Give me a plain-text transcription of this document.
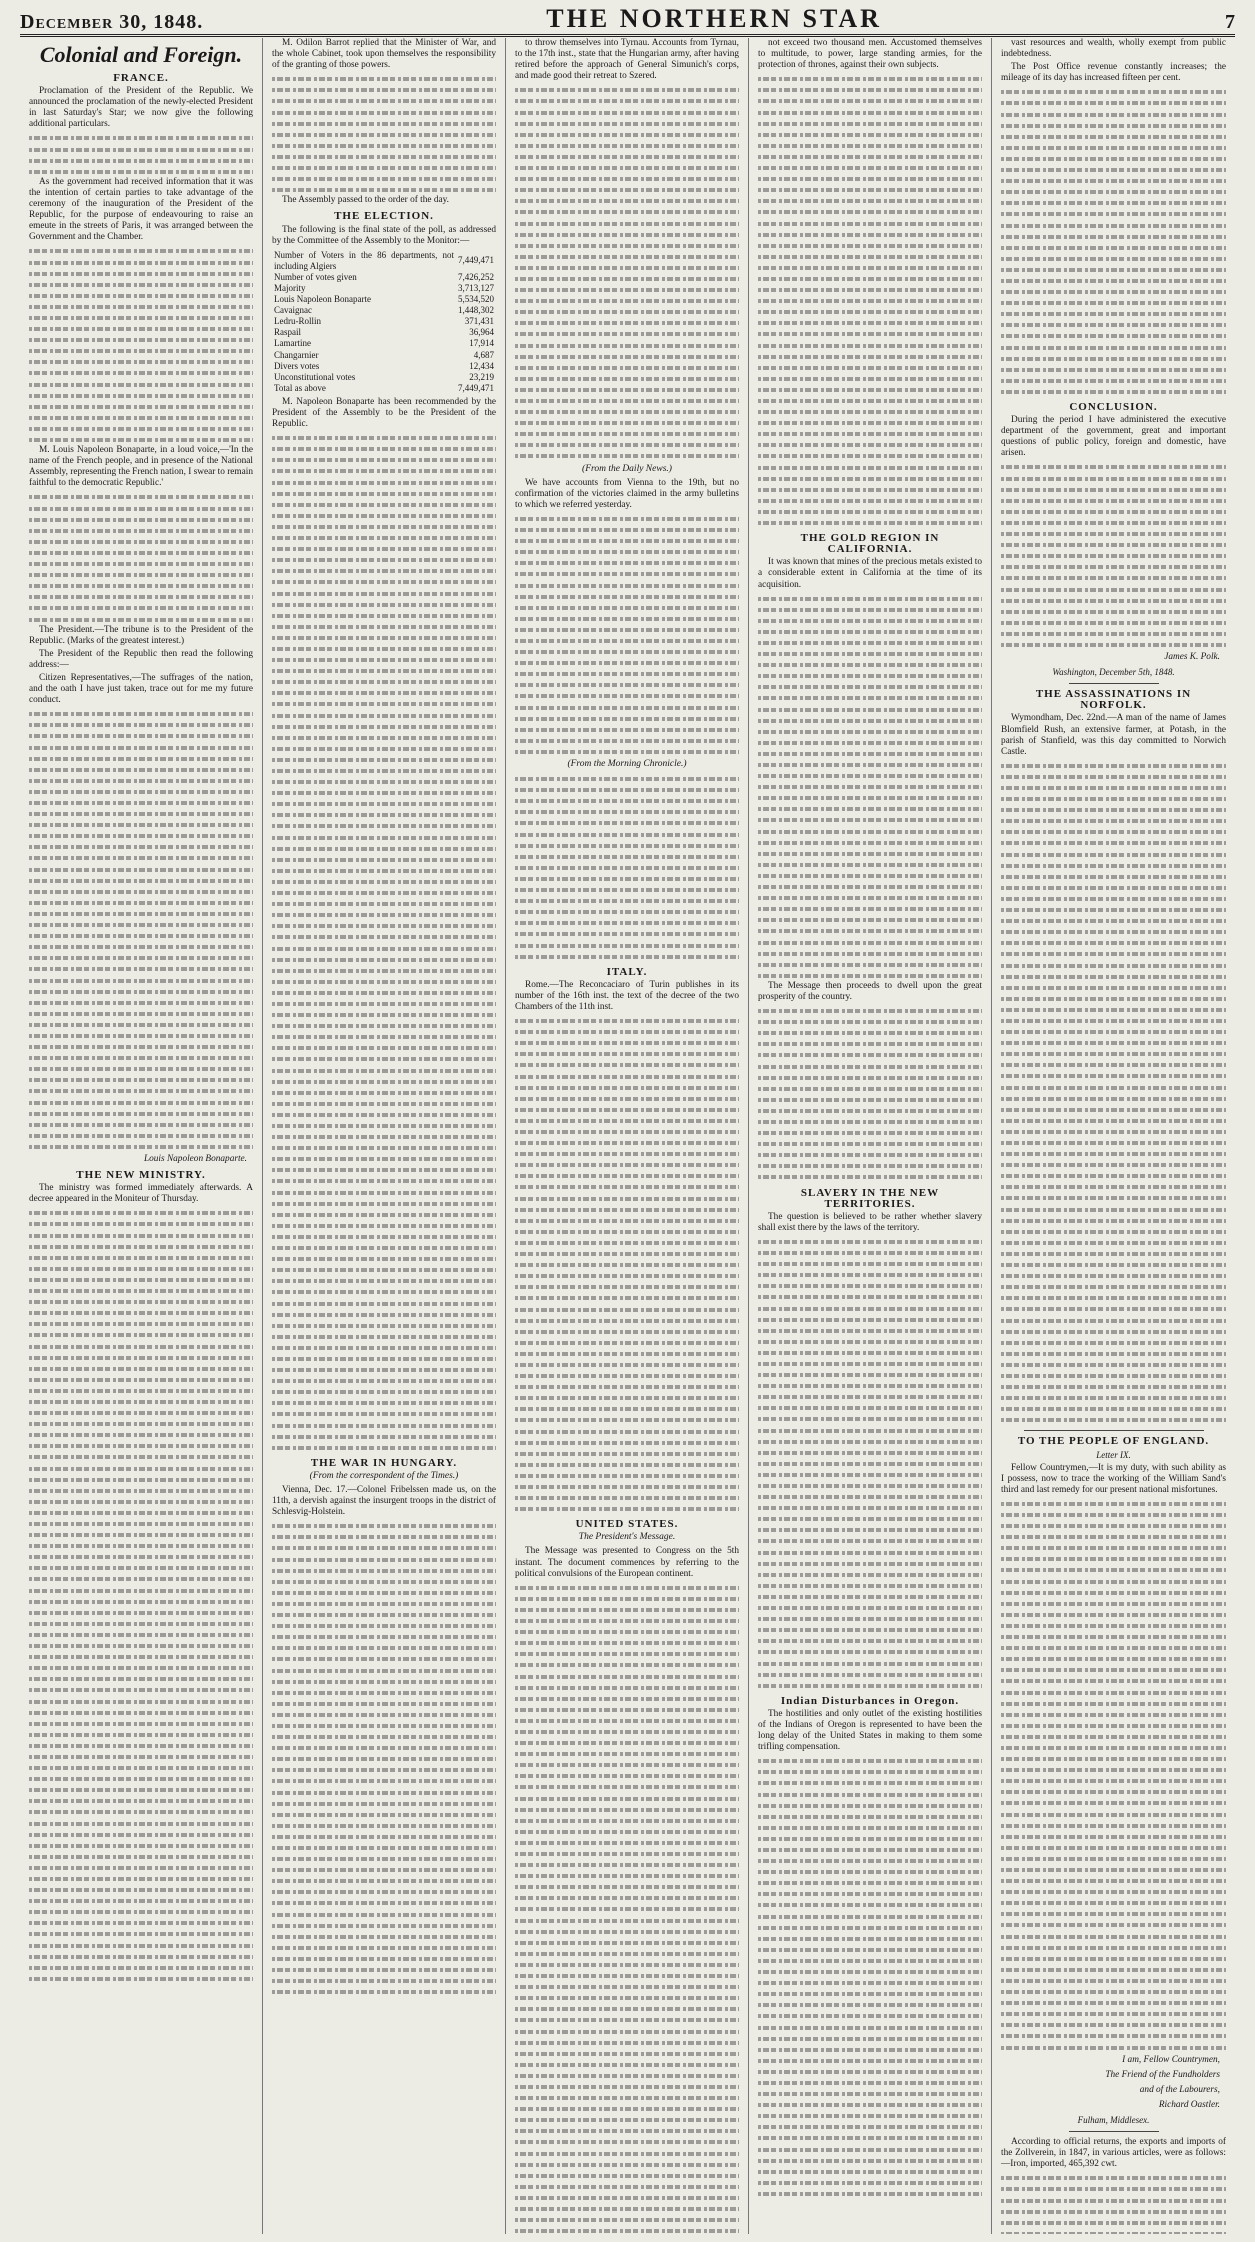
December 30, 1848.	THE NORTHERN STAR	7
Colonial and Foreign.
FRANCE.

Proclamation of the President of the Republic. We announced the proclamation of the newly-elected President in last Saturday's Star; we now give the following additional particulars.

As the government had received information that it was the intention of certain parties to take advantage of the ceremony of the inauguration of the President of the Republic, for the purpose of endeavouring to raise an emeute in the streets of Paris, it was arranged between the Government and the Chamber.

M. Louis Napoleon Bonaparte, in a loud voice,—'In the name of the French people, and in presence of the National Assembly, representing the French nation, I swear to remain faithful to the democratic Republic.'

The President.—The tribune is to the President of the Republic. (Marks of the greatest interest.)

The President of the Republic then read the following address:—

Citizen Representatives,—The suffrages of the nation, and the oath I have just taken, trace out for me my future conduct.

Louis Napoleon Bonaparte.
THE NEW MINISTRY.

The ministry was formed immediately afterwards. A decree appeared in the Moniteur of Thursday.

M. Odilon Barrot replied that the Minister of War, and the whole Cabinet, took upon themselves the responsibility of the granting of those powers.

The Assembly passed to the order of the day.

THE ELECTION.

The following is the final state of the poll, as addressed by the Committee of the Assembly to the Monitor:—

Number of Voters in the 86 departments, not including Algiers	7,449,471
Number of votes given	7,426,252
Majority	3,713,127
Louis Napoleon Bonaparte	5,534,520
Cavaignac	1,448,302
Ledru-Rollin	371,431
Raspail	36,964
Lamartine	17,914
Changarnier	4,687
Divers votes	12,434
Unconstitutional votes	23,219
Total as above	7,449,471

M. Napoleon Bonaparte has been recommended by the President of the Assembly to be the President of the Republic.

THE WAR IN HUNGARY.
(From the correspondent of the Times.)

Vienna, Dec. 17.—Colonel Fribelssen made us, on the 11th, a dervish against the insurgent troops in the district of Schlesvig-Holstein.

to throw themselves into Tyrnau. Accounts from Tyrnau, to the 17th inst., state that the Hungarian army, after having retired before the approach of General Simunich's corps, and made good their retreat to Szered.

(From the Daily News.)

We have accounts from Vienna to the 19th, but no confirmation of the victories claimed in the army bulletins to which we referred yesterday.

(From the Morning Chronicle.)
ITALY.

Rome.—The Reconcaciaro of Turin publishes in its number of the 16th inst. the text of the decree of the two Chambers of the 11th inst.

UNITED STATES.
The President's Message.

The Message was presented to Congress on the 5th instant. The document commences by referring to the political convulsions of the European continent.

not exceed two thousand men. Accustomed themselves to multitude, to power, large standing armies, for the protection of thrones, against their own subjects.

THE GOLD REGION IN CALIFORNIA.

It was known that mines of the precious metals existed to a considerable extent in California at the time of its acquisition.

The Message then proceeds to dwell upon the great prosperity of the country.

SLAVERY IN THE NEW TERRITORIES.

The question is believed to be rather whether slavery shall exist there by the laws of the territory.

Indian Disturbances in Oregon.

The hostilities and only outlet of the existing hostilities of the Indians of Oregon is represented to have been the long delay of the United States in making to them some trifling compensation.

vast resources and wealth, wholly exempt from public indebtedness.

The Post Office revenue constantly increases; the mileage of its day has increased fifteen per cent.

CONCLUSION.

During the period I have administered the executive department of the government, great and important questions of public policy, foreign and domestic, have arisen.

James K. Polk.
Washington, December 5th, 1848.
THE ASSASSINATIONS IN NORFOLK.

Wymondham, Dec. 22nd.—A man of the name of James Blomfield Rush, an extensive farmer, at Potash, in the parish of Stanfield, was this day committed to Norwich Castle.

TO THE PEOPLE OF ENGLAND.
Letter IX.

Fellow Countrymen,—It is my duty, with such ability as I possess, now to trace the working of the William Sand's third and last remedy for our present national misfortunes.

I am, Fellow Countrymen,
The Friend of the Fundholders
and of the Labourers,
Richard Oastler.
Fulham, Middlesex.

According to official returns, the exports and imports of the Zollverein, in 1847, in various articles, were as follows:—Iron, imported, 465,392 cwt.
